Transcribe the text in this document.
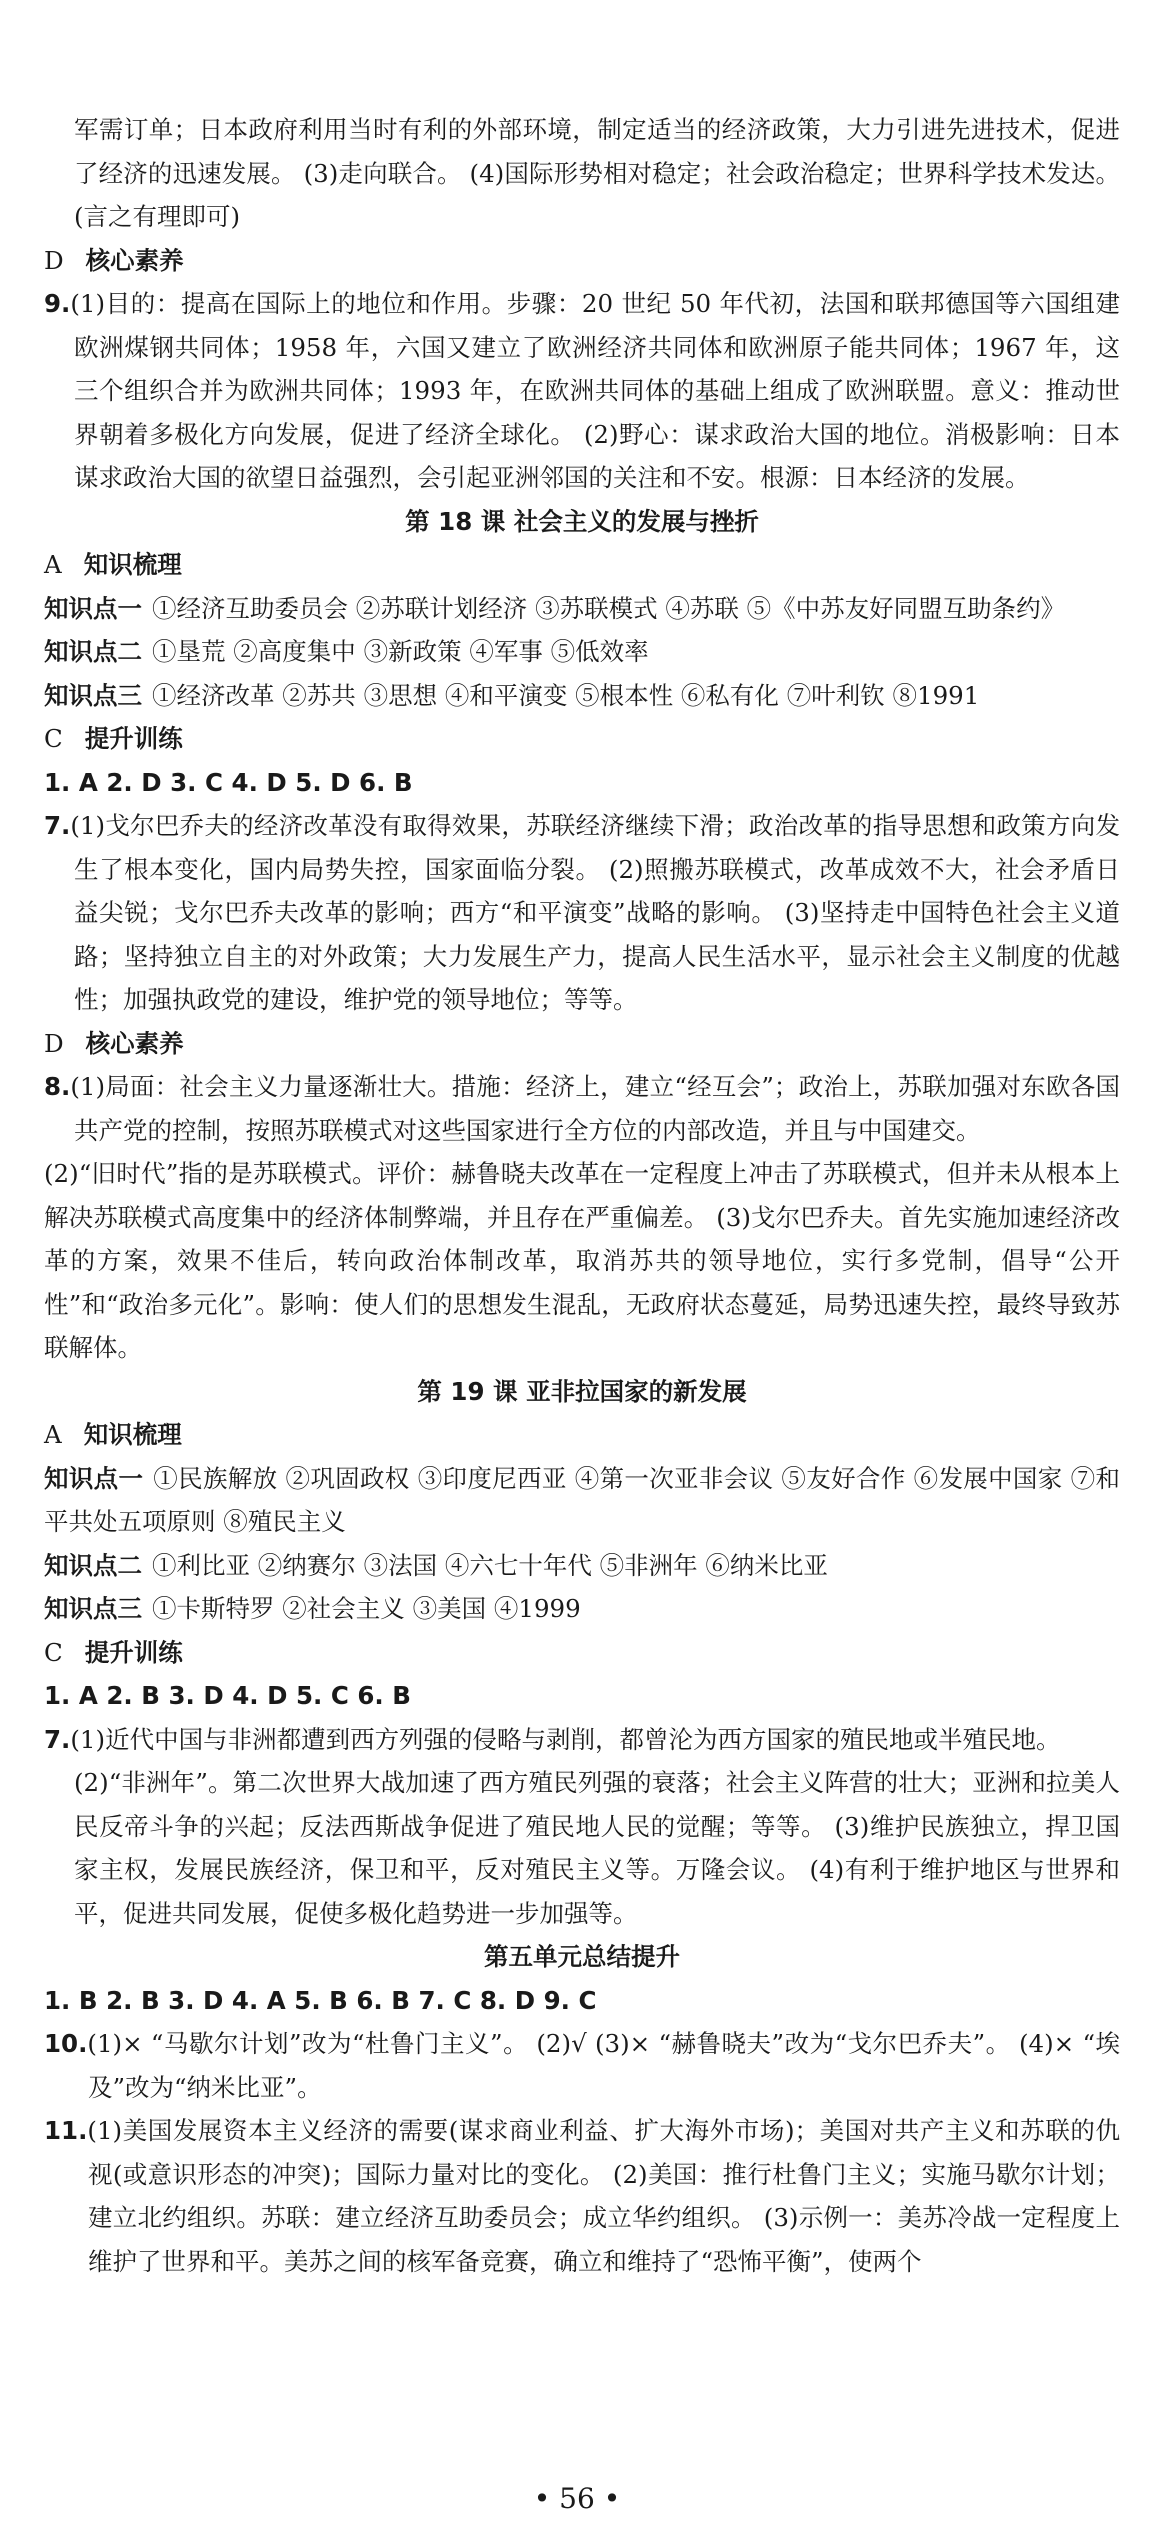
军需订单；日本政府利用当时有利的外部环境，制定适当的经济政策，大力引进先进技术，促进了经济的迅速发展。 (3)走向联合。 (4)国际形势相对稳定；社会政治稳定；世界科学技术发达。(言之有理即可)

D 核心素养

9.(1)目的：提高在国际上的地位和作用。步骤：20 世纪 50 年代初，法国和联邦德国等六国组建欧洲煤钢共同体；1958 年，六国又建立了欧洲经济共同体和欧洲原子能共同体；1967 年，这三个组织合并为欧洲共同体；1993 年，在欧洲共同体的基础上组成了欧洲联盟。意义：推动世界朝着多极化方向发展，促进了经济全球化。 (2)野心：谋求政治大国的地位。消极影响：日本谋求政治大国的欲望日益强烈，会引起亚洲邻国的关注和不安。根源：日本经济的发展。

第 18 课 社会主义的发展与挫折

A 知识梳理

知识点一 ①经济互助委员会 ②苏联计划经济 ③苏联模式 ④苏联 ⑤《中苏友好同盟互助条约》

知识点二 ①垦荒 ②高度集中 ③新政策 ④军事 ⑤低效率

知识点三 ①经济改革 ②苏共 ③思想 ④和平演变 ⑤根本性 ⑥私有化 ⑦叶利钦 ⑧1991

C 提升训练

1. A 2. D 3. C 4. D 5. D 6. B

7.(1)戈尔巴乔夫的经济改革没有取得效果，苏联经济继续下滑；政治改革的指导思想和政策方向发生了根本变化，国内局势失控，国家面临分裂。 (2)照搬苏联模式，改革成效不大，社会矛盾日益尖锐；戈尔巴乔夫改革的影响；西方“和平演变”战略的影响。 (3)坚持走中国特色社会主义道路；坚持独立自主的对外政策；大力发展生产力，提高人民生活水平，显示社会主义制度的优越性；加强执政党的建设，维护党的领导地位；等等。

D 核心素养

8.(1)局面：社会主义力量逐渐壮大。措施：经济上，建立“经互会”；政治上，苏联加强对东欧各国共产党的控制，按照苏联模式对这些国家进行全方位的内部改造，并且与中国建交。

(2)“旧时代”指的是苏联模式。评价：赫鲁晓夫改革在一定程度上冲击了苏联模式，但并未从根本上解决苏联模式高度集中的经济体制弊端，并且存在严重偏差。 (3)戈尔巴乔夫。首先实施加速经济改革的方案，效果不佳后，转向政治体制改革，取消苏共的领导地位，实行多党制，倡导“公开性”和“政治多元化”。影响：使人们的思想发生混乱，无政府状态蔓延，局势迅速失控，最终导致苏联解体。

第 19 课 亚非拉国家的新发展

A 知识梳理

知识点一 ①民族解放 ②巩固政权 ③印度尼西亚 ④第一次亚非会议 ⑤友好合作 ⑥发展中国家 ⑦和平共处五项原则 ⑧殖民主义

知识点二 ①利比亚 ②纳赛尔 ③法国 ④六七十年代 ⑤非洲年 ⑥纳米比亚

知识点三 ①卡斯特罗 ②社会主义 ③美国 ④1999

C 提升训练

1. A 2. B 3. D 4. D 5. C 6. B

7.(1)近代中国与非洲都遭到西方列强的侵略与剥削，都曾沦为西方国家的殖民地或半殖民地。

(2)“非洲年”。第二次世界大战加速了西方殖民列强的衰落；社会主义阵营的壮大；亚洲和拉美人民反帝斗争的兴起；反法西斯战争促进了殖民地人民的觉醒；等等。 (3)维护民族独立，捍卫国家主权，发展民族经济，保卫和平，反对殖民主义等。万隆会议。 (4)有利于维护地区与世界和平，促进共同发展，促使多极化趋势进一步加强等。

第五单元总结提升

1. B 2. B 3. D 4. A 5. B 6. B 7. C 8. D 9. C

10.(1)× “马歇尔计划”改为“杜鲁门主义”。 (2)√ (3)× “赫鲁晓夫”改为“戈尔巴乔夫”。 (4)× “埃及”改为“纳米比亚”。

11.(1)美国发展资本主义经济的需要(谋求商业利益、扩大海外市场)；美国对共产主义和苏联的仇视(或意识形态的冲突)；国际力量对比的变化。 (2)美国：推行杜鲁门主义；实施马歇尔计划；建立北约组织。苏联：建立经济互助委员会；成立华约组织。 (3)示例一：美苏冷战一定程度上维护了世界和平。美苏之间的核军备竞赛，确立和维持了“恐怖平衡”，使两个

• 56 •
